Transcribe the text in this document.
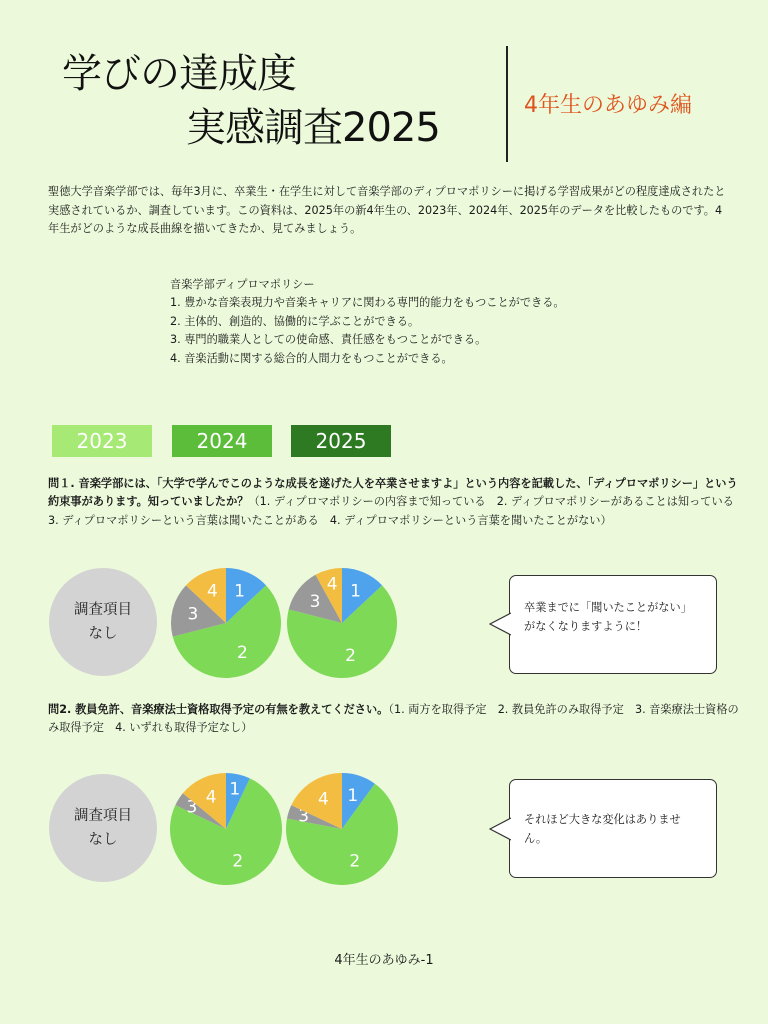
学びの達成度
実感調査2025	4年生のあゆみ編
聖徳大学音楽学部では、毎年3月に、卒業生・在学生に対して音楽学部のディプロマポリシーに掲げる学習成果がどの程度達成されたと実感されているか、調査しています。この資料は、2025年の新4年生の、2023年、2024年、2025年のデータを比較したものです。4年生がどのような成長曲線を描いてきたか、見てみましょう。
音楽学部ディプロマポリシー
1. 豊かな音楽表現力や音楽キャリアに関わる専門的能力をもつことができる。
2. 主体的、創造的、協働的に学ぶことができる。
3. 専門的職業人としての使命感、責任感をもつことができる。
4. 音楽活動に関する総合的人間力をもつことができる。
2023	2024	2025
問１. 音楽学部には、「大学で学んでこのような成長を遂げた人を卒業させますよ」という内容を記載した、「ディプロマポリシー」という約束事があります。知っていましたか？（1. ディプロマポリシーの内容まで知っている　2. ディプロマポリシーがあることは知っている　3. ディプロマポリシーという言葉は聞いたことがある　4. ディプロマポリシーという言葉を聞いたことがない）
調査項目
なし
1
2
3
4	1
2
3
4
卒業までに「聞いたことがない」がなくなりますように！
問2. 教員免許、音楽療法士資格取得予定の有無を教えてください。（1. 両方を取得予定　2. 教員免許のみ取得予定　3. 音楽療法士資格のみ取得予定　4. いずれも取得予定なし）
調査項目
なし
1
2
3 4	1
2
3
4
それほど大きな変化はありません。
4年生のあゆみ-1
